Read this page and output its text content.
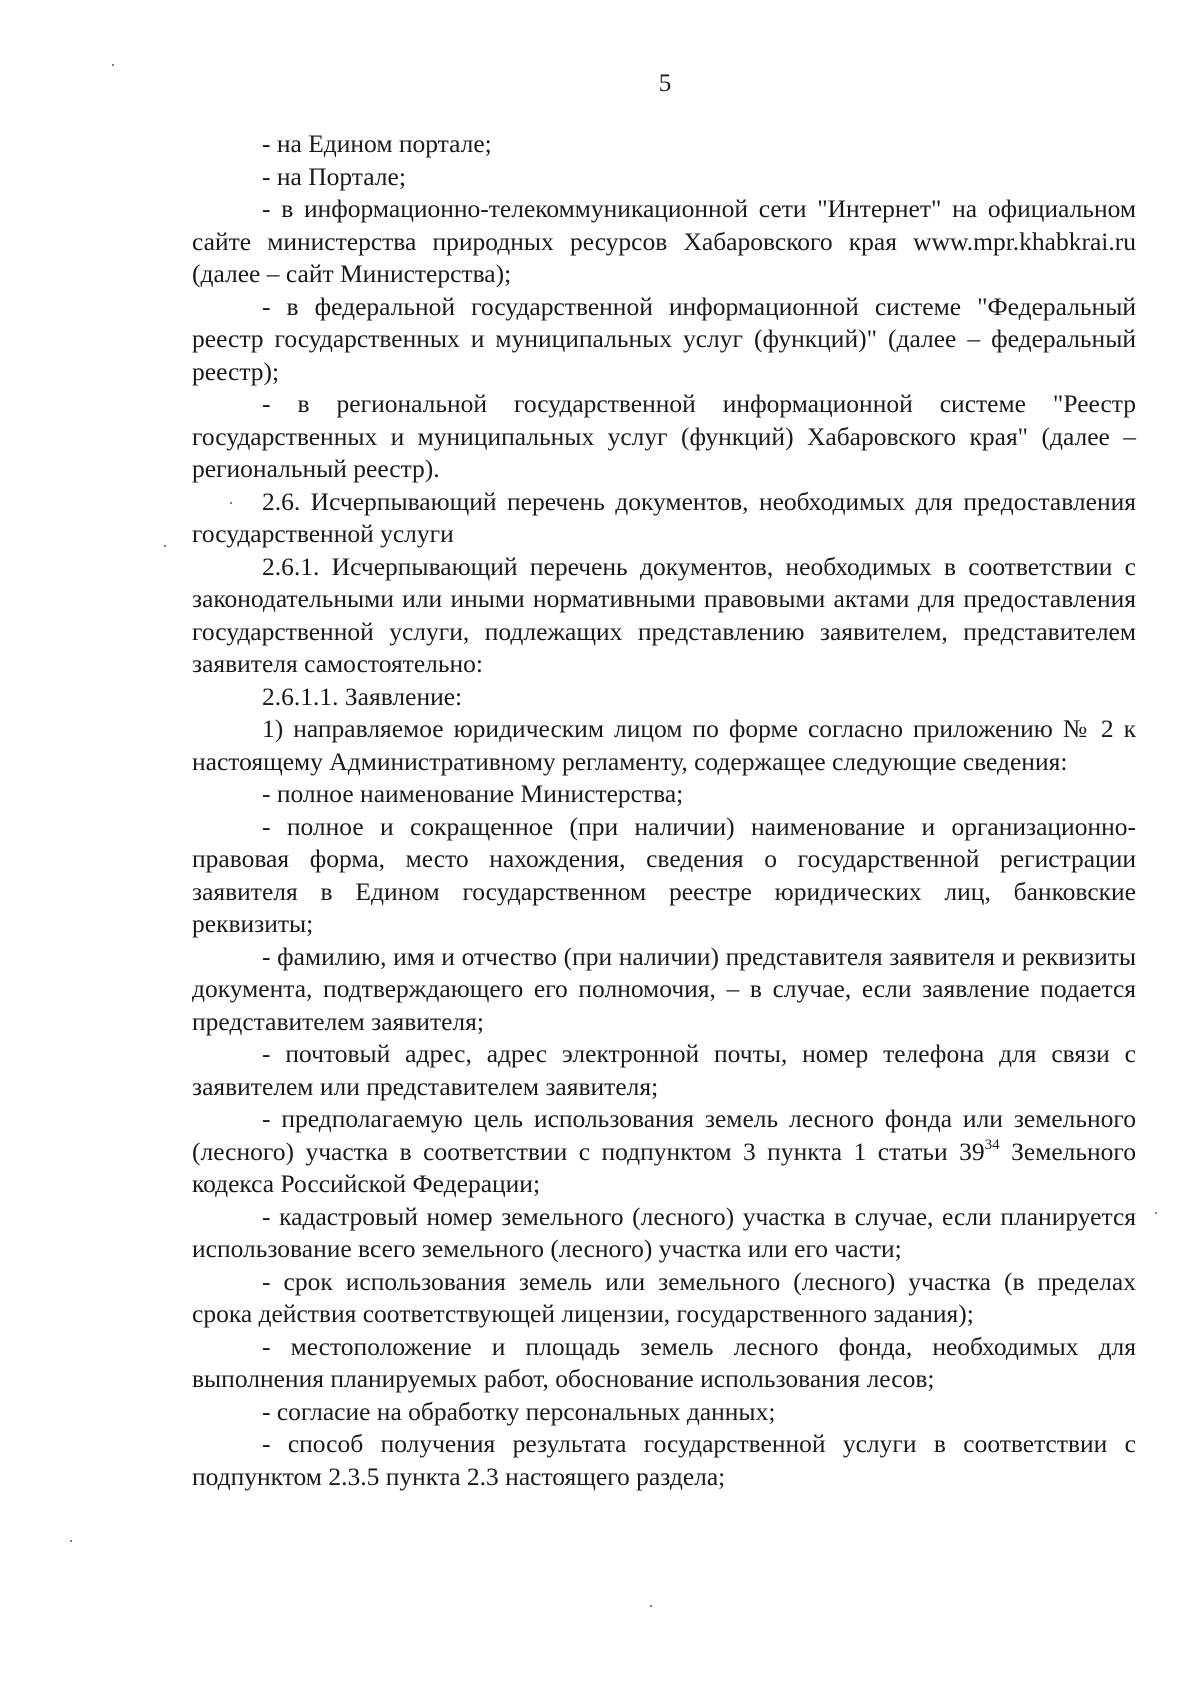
5

- на Едином портале;

- на Портале;

- в информационно-телекоммуникационной сети "Интернет" на официальном сайте министерства природных ресурсов Хабаровского края www.mpr.khabkrai.ru (далее – сайт Министерства);

- в федеральной государственной информационной системе "Федеральный реестр государственных и муниципальных услуг (функций)" (далее – федеральный реестр);

- в региональной государственной информационной системе "Реестр государственных и муниципальных услуг (функций) Хабаровского края" (далее – региональный реестр).

2.6. Исчерпывающий перечень документов, необходимых для предоставления государственной услуги

2.6.1. Исчерпывающий перечень документов, необходимых в соответствии с законодательными или иными нормативными правовыми актами для предоставления государственной услуги, подлежащих представлению заявителем, представителем заявителя самостоятельно:

2.6.1.1. Заявление:

1) направляемое юридическим лицом по форме согласно приложению № 2 к настоящему Административному регламенту, содержащее следующие сведения:

- полное наименование Министерства;

- полное и сокращенное (при наличии) наименование и организационно-правовая форма, место нахождения, сведения о государственной регистрации заявителя в Едином государственном реестре юридических лиц, банковские реквизиты;

- фамилию, имя и отчество (при наличии) представителя заявителя и реквизиты документа, подтверждающего его полномочия, – в случае, если заявление подается представителем заявителя;

- почтовый адрес, адрес электронной почты, номер телефона для связи с заявителем или представителем заявителя;

- предполагаемую цель использования земель лесного фонда или земельного (лесного) участка в соответствии с подпунктом 3 пункта 1 статьи $39^{34}$ Земельного кодекса Российской Федерации;

- кадастровый номер земельного (лесного) участка в случае, если планируется использование всего земельного (лесного) участка или его части;

- срок использования земель или земельного (лесного) участка (в пределах срока действия соответствующей лицензии, государственного задания);

- местоположение и площадь земель лесного фонда, необходимых для выполнения планируемых работ, обоснование использования лесов;

- согласие на обработку персональных данных;

- способ получения результата государственной услуги в соответствии с подпунктом 2.3.5 пункта 2.3 настоящего раздела;
